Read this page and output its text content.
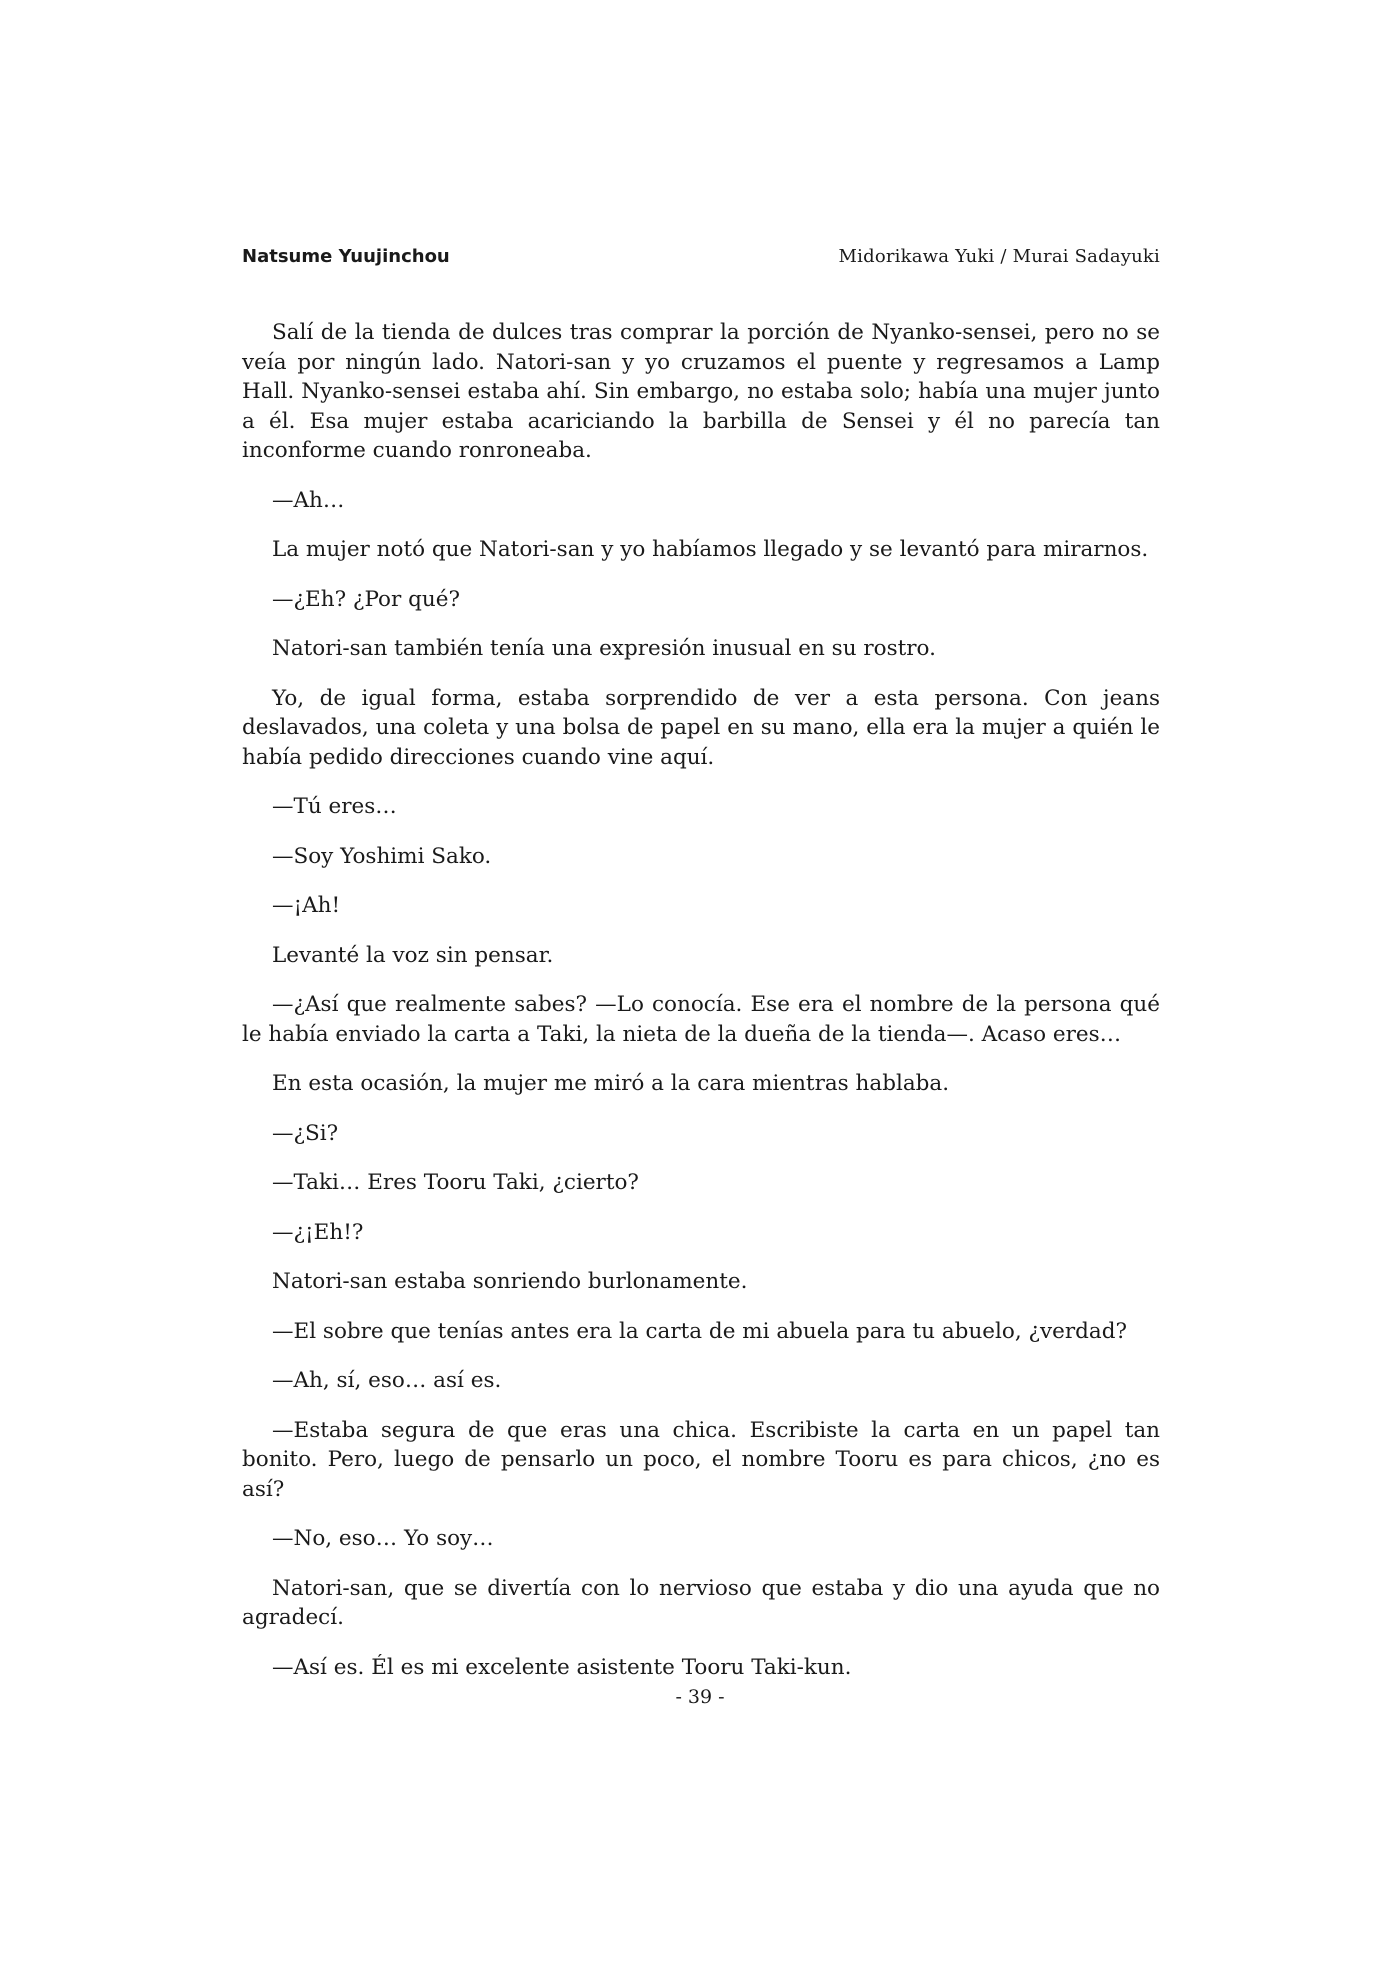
Natsume Yuujinchou	Midorikawa Yuki / Murai Sadayuki

Salí de la tienda de dulces tras comprar la porción de Nyanko-sensei, pero no se veía por ningún lado. Natori-san y yo cruzamos el puente y regresamos a Lamp Hall. Nyanko-sensei estaba ahí. Sin embargo, no estaba solo; había una mujer junto a él. Esa mujer estaba acariciando la barbilla de Sensei y él no parecía tan inconforme cuando ronroneaba.

—Ah…

La mujer notó que Natori-san y yo habíamos llegado y se levantó para mirarnos.

—¿Eh? ¿Por qué?

Natori-san también tenía una expresión inusual en su rostro.

Yo, de igual forma, estaba sorprendido de ver a esta persona. Con jeans deslavados, una coleta y una bolsa de papel en su mano, ella era la mujer a quién le había pedido direcciones cuando vine aquí.

—Tú eres…

—Soy Yoshimi Sako.

—¡Ah!

Levanté la voz sin pensar.

—¿Así que realmente sabes? —Lo conocía. Ese era el nombre de la persona qué le había enviado la carta a Taki, la nieta de la dueña de la tienda—. Acaso eres…

En esta ocasión, la mujer me miró a la cara mientras hablaba.

—¿Si?

—Taki… Eres Tooru Taki, ¿cierto?

—¿¡Eh!?

Natori-san estaba sonriendo burlonamente.

—El sobre que tenías antes era la carta de mi abuela para tu abuelo, ¿verdad?

—Ah, sí, eso… así es.

—Estaba segura de que eras una chica. Escribiste la carta en un papel tan bonito. Pero, luego de pensarlo un poco, el nombre Tooru es para chicos, ¿no es así?

—No, eso… Yo soy…

Natori-san, que se divertía con lo nervioso que estaba y dio una ayuda que no agradecí.

—Así es. Él es mi excelente asistente Tooru Taki-kun.

- 39 -
